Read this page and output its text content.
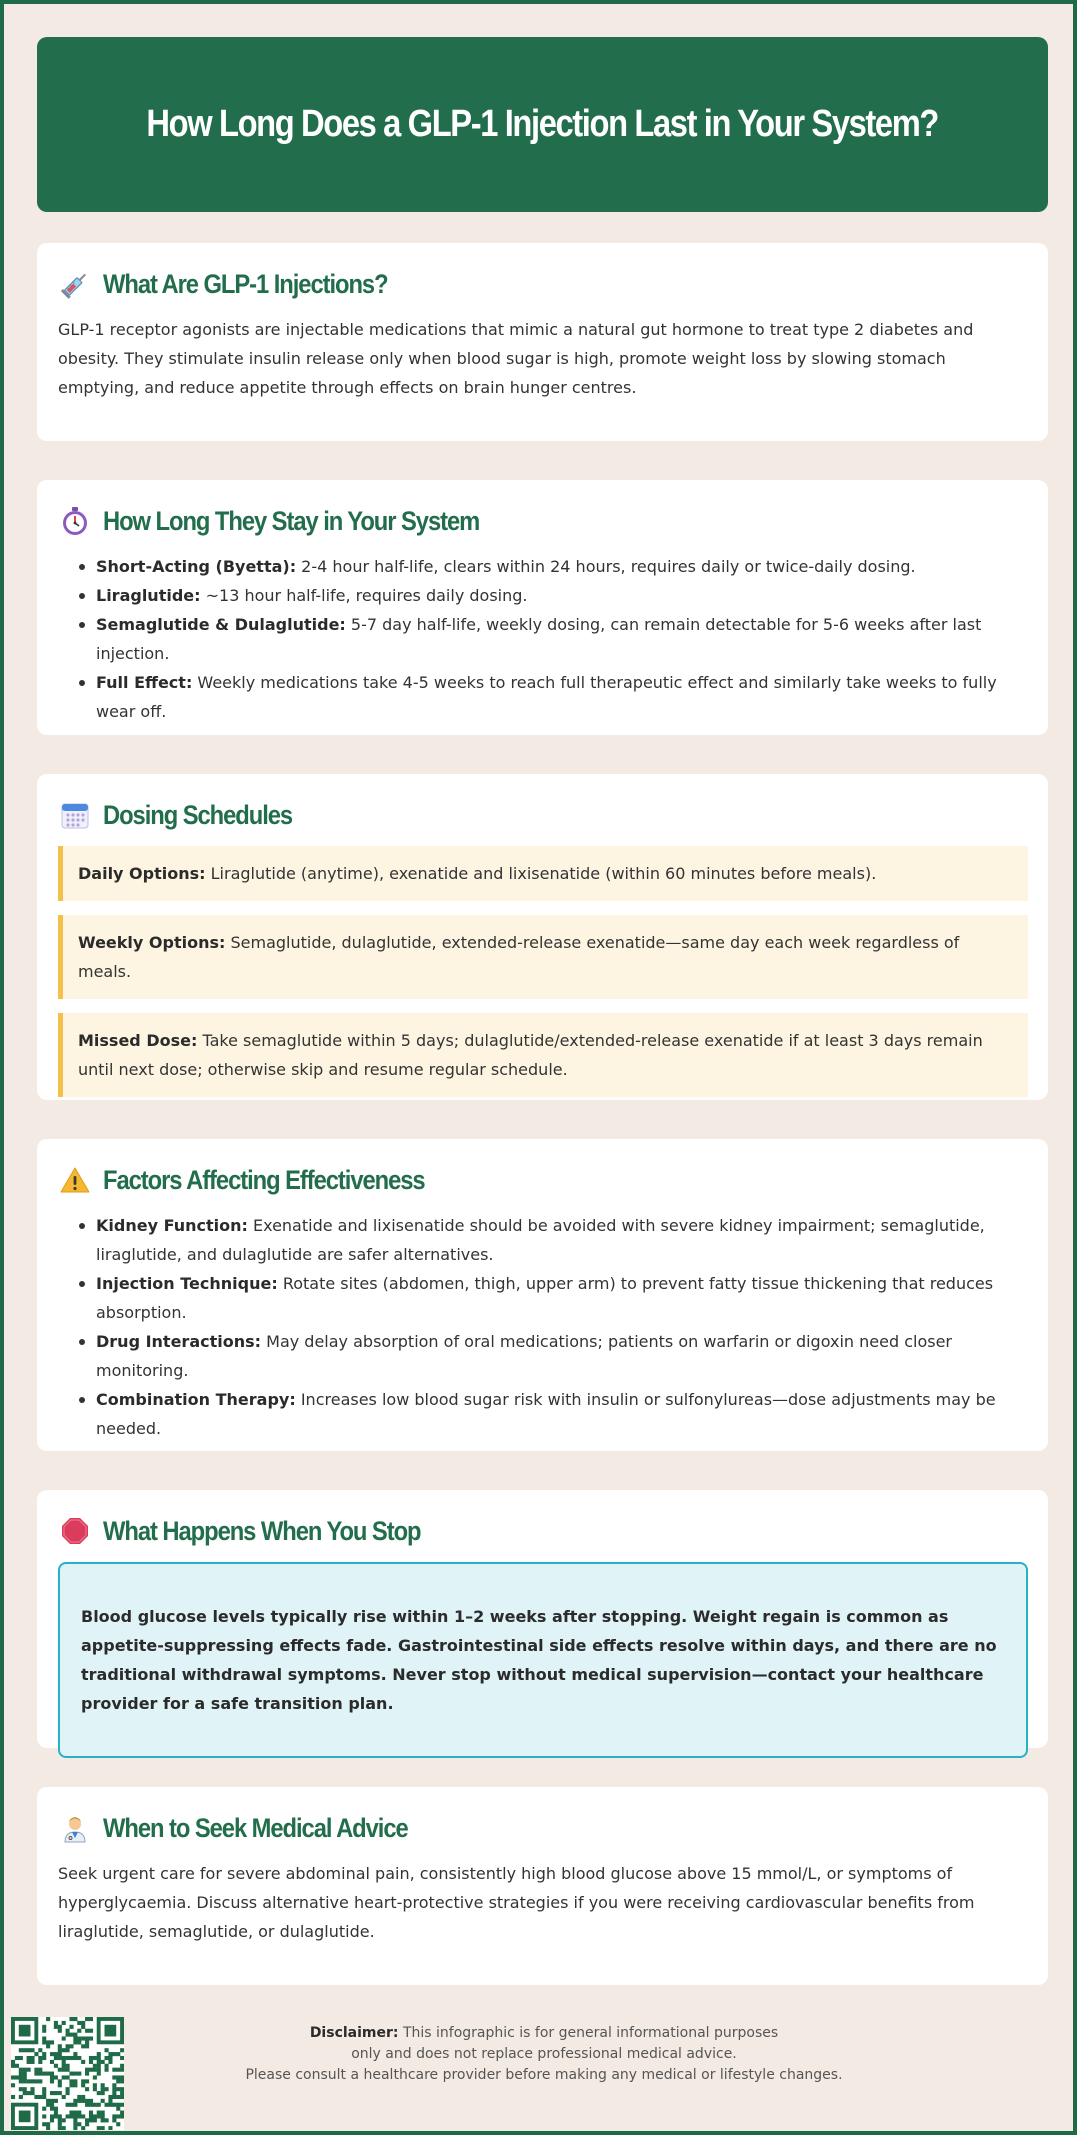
How Long Does a GLP-1 Injection Last in Your System?
What Are GLP-1 Injections?

GLP-1 receptor agonists are injectable medications that mimic a natural gut hormone to treat type 2 diabetes and obesity. They stimulate insulin release only when blood sugar is high, promote weight loss by slowing stomach emptying, and reduce appetite through effects on brain hunger centres.

How Long They Stay in Your System
Short-Acting (Byetta): 2-4 hour half-life, clears within 24 hours, requires daily or twice-daily dosing.
Liraglutide: ~13 hour half-life, requires daily dosing.
Semaglutide & Dulaglutide: 5-7 day half-life, weekly dosing, can remain detectable for 5-6 weeks after last injection.
Full Effect: Weekly medications take 4-5 weeks to reach full therapeutic effect and similarly take weeks to fully wear off.
Dosing Schedules
Daily Options: Liraglutide (anytime), exenatide and lixisenatide (within 60 minutes before meals).
Weekly Options: Semaglutide, dulaglutide, extended-release exenatide—same day each week regardless of meals.
Missed Dose: Take semaglutide within 5 days; dulaglutide/extended-release exenatide if at least 3 days remain until next dose; otherwise skip and resume regular schedule.
Factors Affecting Effectiveness
Kidney Function: Exenatide and lixisenatide should be avoided with severe kidney impairment; semaglutide, liraglutide, and dulaglutide are safer alternatives.
Injection Technique: Rotate sites (abdomen, thigh, upper arm) to prevent fatty tissue thickening that reduces absorption.
Drug Interactions: May delay absorption of oral medications; patients on warfarin or digoxin need closer monitoring.
Combination Therapy: Increases low blood sugar risk with insulin or sulfonylureas—dose adjustments may be needed.
What Happens When You Stop
Blood glucose levels typically rise within 1–2 weeks after stopping. Weight regain is common as appetite-suppressing effects fade. Gastrointestinal side effects resolve within days, and there are no traditional withdrawal symptoms. Never stop without medical supervision—contact your healthcare provider for a safe transition plan.
When to Seek Medical Advice

Seek urgent care for severe abdominal pain, consistently high blood glucose above 15 mmol/L, or symptoms of hyperglycaemia. Discuss alternative heart-protective strategies if you were receiving cardiovascular benefits from liraglutide, semaglutide, or dulaglutide.

Disclaimer: This infographic is for general informational purposes
only and does not replace professional medical advice.
Please consult a healthcare provider before making any medical or lifestyle changes.
